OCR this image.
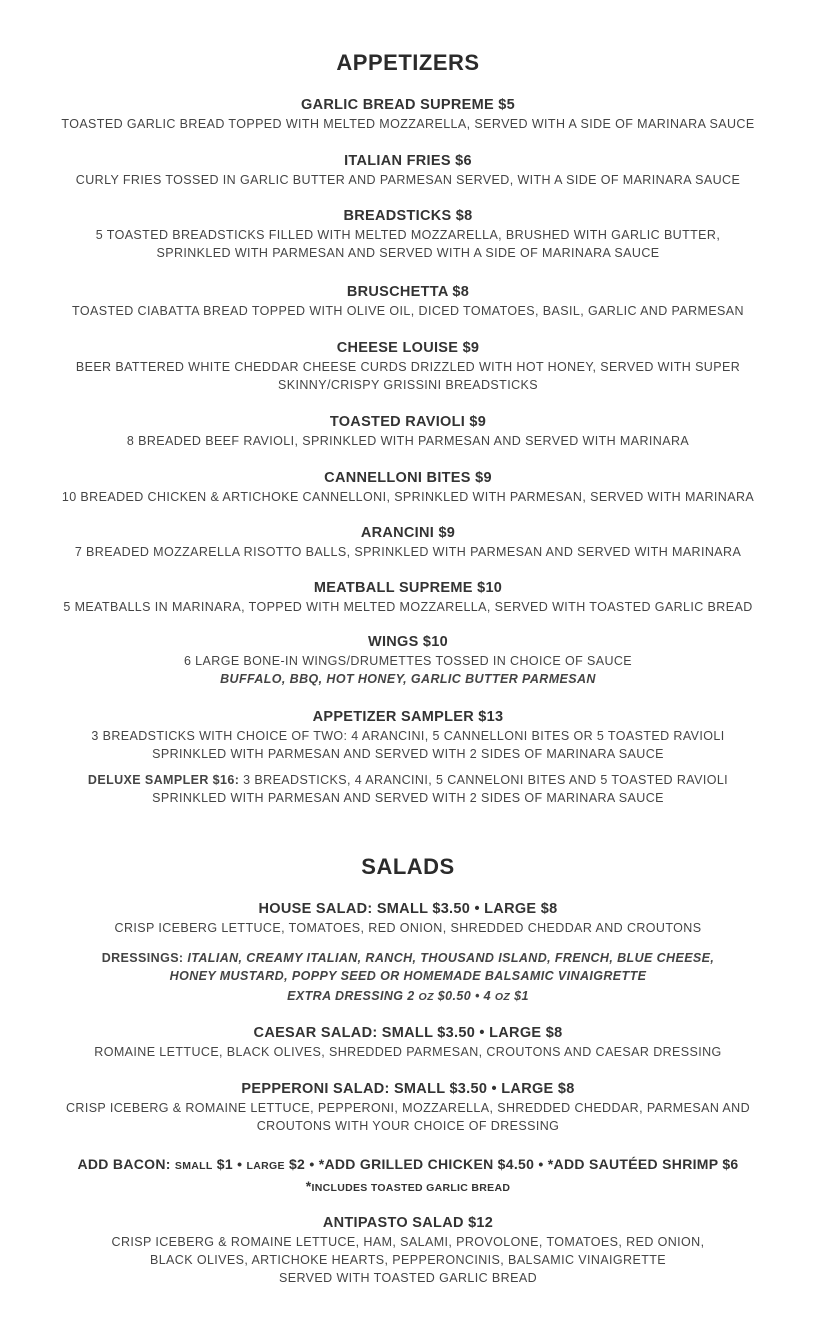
APPETIZERS
GARLIC BREAD SUPREME $5
TOASTED GARLIC BREAD TOPPED WITH MELTED MOZZARELLA, SERVED WITH A SIDE OF MARINARA SAUCE
ITALIAN FRIES $6
CURLY FRIES TOSSED IN GARLIC BUTTER AND PARMESAN SERVED, WITH A SIDE OF MARINARA SAUCE
BREADSTICKS $8
5 TOASTED BREADSTICKS FILLED WITH MELTED MOZZARELLA, BRUSHED WITH GARLIC BUTTER,
SPRINKLED WITH PARMESAN AND SERVED WITH A SIDE OF MARINARA SAUCE
BRUSCHETTA $8
TOASTED CIABATTA BREAD TOPPED WITH OLIVE OIL, DICED TOMATOES, BASIL, GARLIC AND PARMESAN
CHEESE LOUISE $9
BEER BATTERED WHITE CHEDDAR CHEESE CURDS DRIZZLED WITH HOT HONEY, SERVED WITH SUPER
SKINNY/CRISPY GRISSINI BREADSTICKS
TOASTED RAVIOLI $9
8 BREADED BEEF RAVIOLI, SPRINKLED WITH PARMESAN AND SERVED WITH MARINARA
CANNELLONI BITES $9
10 BREADED CHICKEN & ARTICHOKE CANNELLONI, SPRINKLED WITH PARMESAN, SERVED WITH MARINARA
ARANCINI $9
7 BREADED MOZZARELLA RISOTTO BALLS, SPRINKLED WITH PARMESAN AND SERVED WITH MARINARA
MEATBALL SUPREME $10
5 MEATBALLS IN MARINARA, TOPPED WITH MELTED MOZZARELLA, SERVED WITH TOASTED GARLIC BREAD
WINGS $10
6 LARGE BONE-IN WINGS/DRUMETTES TOSSED IN CHOICE OF SAUCE
BUFFALO, BBQ, HOT HONEY, GARLIC BUTTER PARMESAN
APPETIZER SAMPLER $13
3 BREADSTICKS WITH CHOICE OF TWO: 4 ARANCINI, 5 CANNELLONI BITES OR 5 TOASTED RAVIOLI
SPRINKLED WITH PARMESAN AND SERVED WITH 2 SIDES OF MARINARA SAUCE
DELUXE SAMPLER $16: 3 BREADSTICKS, 4 ARANCINI, 5 CANNELONI BITES AND 5 TOASTED RAVIOLI
SPRINKLED WITH PARMESAN AND SERVED WITH 2 SIDES OF MARINARA SAUCE
SALADS
HOUSE SALAD: SMALL $3.50 • LARGE $8
CRISP ICEBERG LETTUCE, TOMATOES, RED ONION, SHREDDED CHEDDAR AND CROUTONS
DRESSINGS: ITALIAN, CREAMY ITALIAN, RANCH, THOUSAND ISLAND, FRENCH, BLUE CHEESE,
HONEY MUSTARD, POPPY SEED OR HOMEMADE BALSAMIC VINAIGRETTE
EXTRA DRESSING 2 OZ $0.50 • 4 OZ $1
CAESAR SALAD: SMALL $3.50 • LARGE $8
ROMAINE LETTUCE, BLACK OLIVES, SHREDDED PARMESAN, CROUTONS AND CAESAR DRESSING
PEPPERONI SALAD: SMALL $3.50 • LARGE $8
CRISP ICEBERG & ROMAINE LETTUCE, PEPPERONI, MOZZARELLA, SHREDDED CHEDDAR, PARMESAN AND
CROUTONS WITH YOUR CHOICE OF DRESSING
ADD BACON: SMALL $1 • LARGE $2 • *ADD GRILLED CHICKEN $4.50 • *ADD SAUTÉED SHRIMP $6
*INCLUDES TOASTED GARLIC BREAD
ANTIPASTO SALAD $12
CRISP ICEBERG & ROMAINE LETTUCE, HAM, SALAMI, PROVOLONE, TOMATOES, RED ONION,
BLACK OLIVES, ARTICHOKE HEARTS, PEPPERONCINIS, BALSAMIC VINAIGRETTE
SERVED WITH TOASTED GARLIC BREAD
